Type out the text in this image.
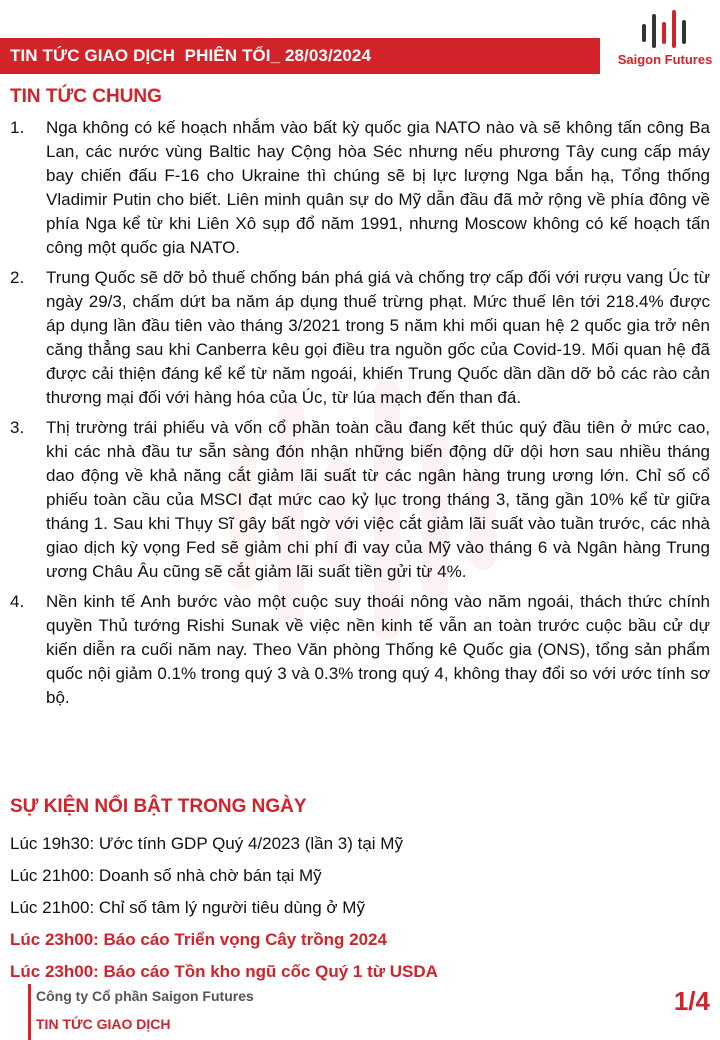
TIN TỨC GIAO DỊCH  PHIÊN TỐI_ 28/03/2024	Saigon Futures
TIN TỨC CHUNG
1.	Nga không có kế hoạch nhắm vào bất kỳ quốc gia NATO nào và sẽ không tấn công Ba Lan, các nước vùng Baltic hay Cộng hòa Séc nhưng nếu phương Tây cung cấp máy bay chiến đấu F-16 cho Ukraine thì chúng sẽ bị lực lượng Nga bắn hạ, Tổng thống Vladimir Putin cho biết. Liên minh quân sự do Mỹ dẫn đầu đã mở rộng về phía đông về phía Nga kể từ khi Liên Xô sụp đổ năm 1991, nhưng Moscow không có kế hoạch tấn công một quốc gia NATO.
2.	Trung Quốc sẽ dỡ bỏ thuế chống bán phá giá và chống trợ cấp đối với rượu vang Úc từ ngày 29/3, chấm dứt ba năm áp dụng thuế trừng phạt. Mức thuế lên tới 218.4% được áp dụng lần đầu tiên vào tháng 3/2021 trong 5 năm khi mối quan hệ 2 quốc gia trở nên căng thẳng sau khi Canberra kêu gọi điều tra nguồn gốc của Covid-19. Mối quan hệ đã được cải thiện đáng kể kể từ năm ngoái, khiến Trung Quốc dần dần dỡ bỏ các rào cản thương mại đối với hàng hóa của Úc, từ lúa mạch đến than đá.
3.	Thị trường trái phiếu và vốn cổ phần toàn cầu đang kết thúc quý đầu tiên ở mức cao, khi các nhà đầu tư sẵn sàng đón nhận những biến động dữ dội hơn sau nhiều tháng dao động về khả năng cắt giảm lãi suất từ các ngân hàng trung ương lớn. Chỉ số cổ phiếu toàn cầu của MSCI đạt mức cao kỷ lục trong tháng 3, tăng gần 10% kể từ giữa tháng 1. Sau khi Thụy Sĩ gây bất ngờ với việc cắt giảm lãi suất vào tuần trước, các nhà giao dịch kỳ vọng Fed sẽ giảm chi phí đi vay của Mỹ vào tháng 6 và Ngân hàng Trung ương Châu Âu cũng sẽ cắt giảm lãi suất tiền gửi từ 4%.
4.	Nền kinh tế Anh bước vào một cuộc suy thoái nông vào năm ngoái, thách thức chính quyền Thủ tướng Rishi Sunak về việc nền kinh tế vẫn an toàn trước cuộc bầu cử dự kiến diễn ra cuối năm nay. Theo Văn phòng Thống kê Quốc gia (ONS), tổng sản phẩm quốc nội giảm 0.1% trong quý 3 và 0.3% trong quý 4, không thay đổi so với ước tính sơ bộ.
SỰ KIỆN NỔI BẬT TRONG NGÀY
Lúc 19h30: Ước tính GDP Quý 4/2023 (lần 3) tại Mỹ
Lúc 21h00: Doanh số nhà chờ bán tại Mỹ
Lúc 21h00: Chỉ số tâm lý người tiêu dùng ở Mỹ
Lúc 23h00: Báo cáo Triển vọng Cây trồng 2024
Lúc 23h00: Báo cáo Tồn kho ngũ cốc Quý 1 từ USDA
Công ty Cổ phần Saigon Futures
TIN TỨC GIAO DỊCH
1/4
